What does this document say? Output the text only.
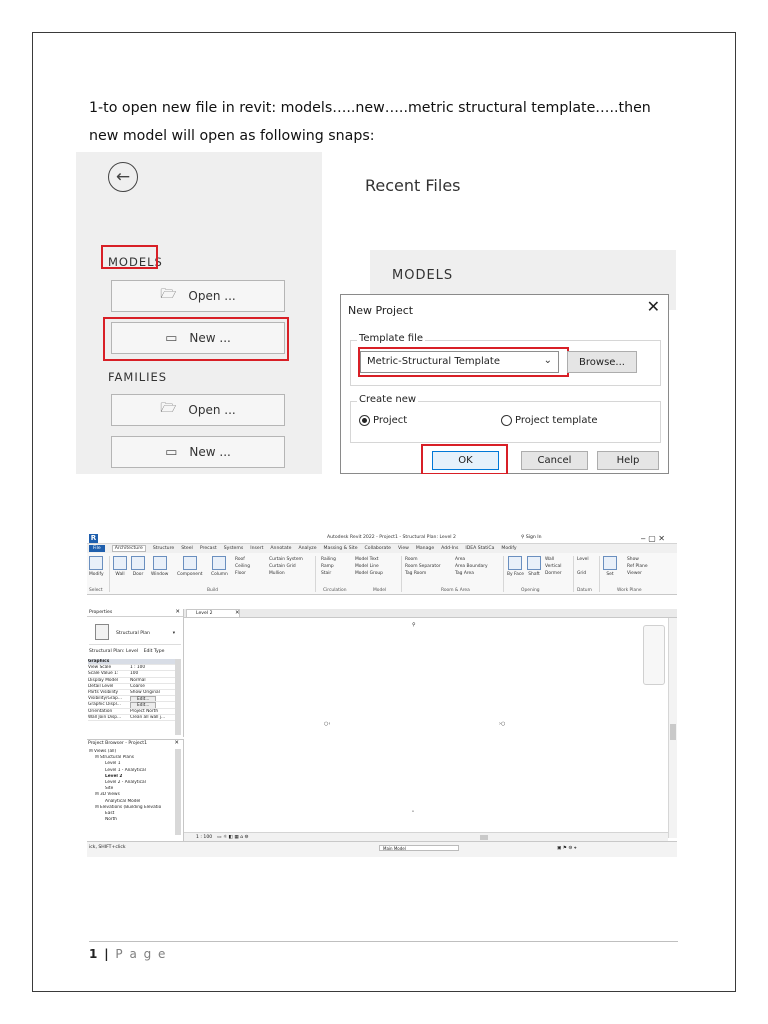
1-to open new file in revit: models…..new…..metric structural template…..then
new model will open as following snaps:
←
MODELS
🗁 Open ...
▭ New ...
FAMILIES
🗁 Open ...
▭ New ...
Recent Files
MODELS
New Project	✕
Template file
Metric-Structural Template	⌄	Browse...
Create new
Project	Project template
OK	Cancel	Help
R	Autodesk Revit 2022 - Project1 - Structural Plan: Level 2	⚲ Sign In	‒ ▢ ✕
File	Architecture	Structure Steel Precast Systems Insert Annotate Analyze Massing & Site Collaborate View Manage Add-Ins IDEA StatiCa Modify
Modify	Wall	Door	Window Component Column
Roof
Ceiling
Floor
Curtain System
Curtain Grid
Mullion
Railing
Ramp
Stair
Model Text
Model Line
Model Group
Room
Room Separator
Tag Room
Area
Area Boundary
Tag Area	By Face Shaft
Wall
Vertical
Dormer
Level
Grid	Set
Show
Ref Plane
Viewer
Select	Build	Circulation	Model	Room & Area	Opening	Datum	Work Plane
Properties	✕
Structural Plan	▾
Structural Plan: Level Edit Type
Graphics
View Scale	1 : 100
Scale Value 1:	100
Display Model	Normal
Detail Level	Coarse
Parts Visibility	Show Original
Visibility/Grap...	Edit...
Graphic Displ...	Edit...
Orientation	Project North
Wall Join Disp...	Clean all wall j...
Project Browser - Project1	✕
⊟ Views (all)
⊟ Structural Plans
Level 1
Level 1 - Analytical
Level 2
Level 2 - Analytical
Site
⊟ 3D Views
Analytical Model
⊟ Elevations (Building Elevatio
East
North
Level 2	✕
⚲
○‹	›○
ᵒ
1 : 100 ▭ ☼ ◧ ▦ ⌂ ⚙
ick, SHIFT+click	Main Model	▣ ⚑ ⚙ ⌖
1 | P a g e
